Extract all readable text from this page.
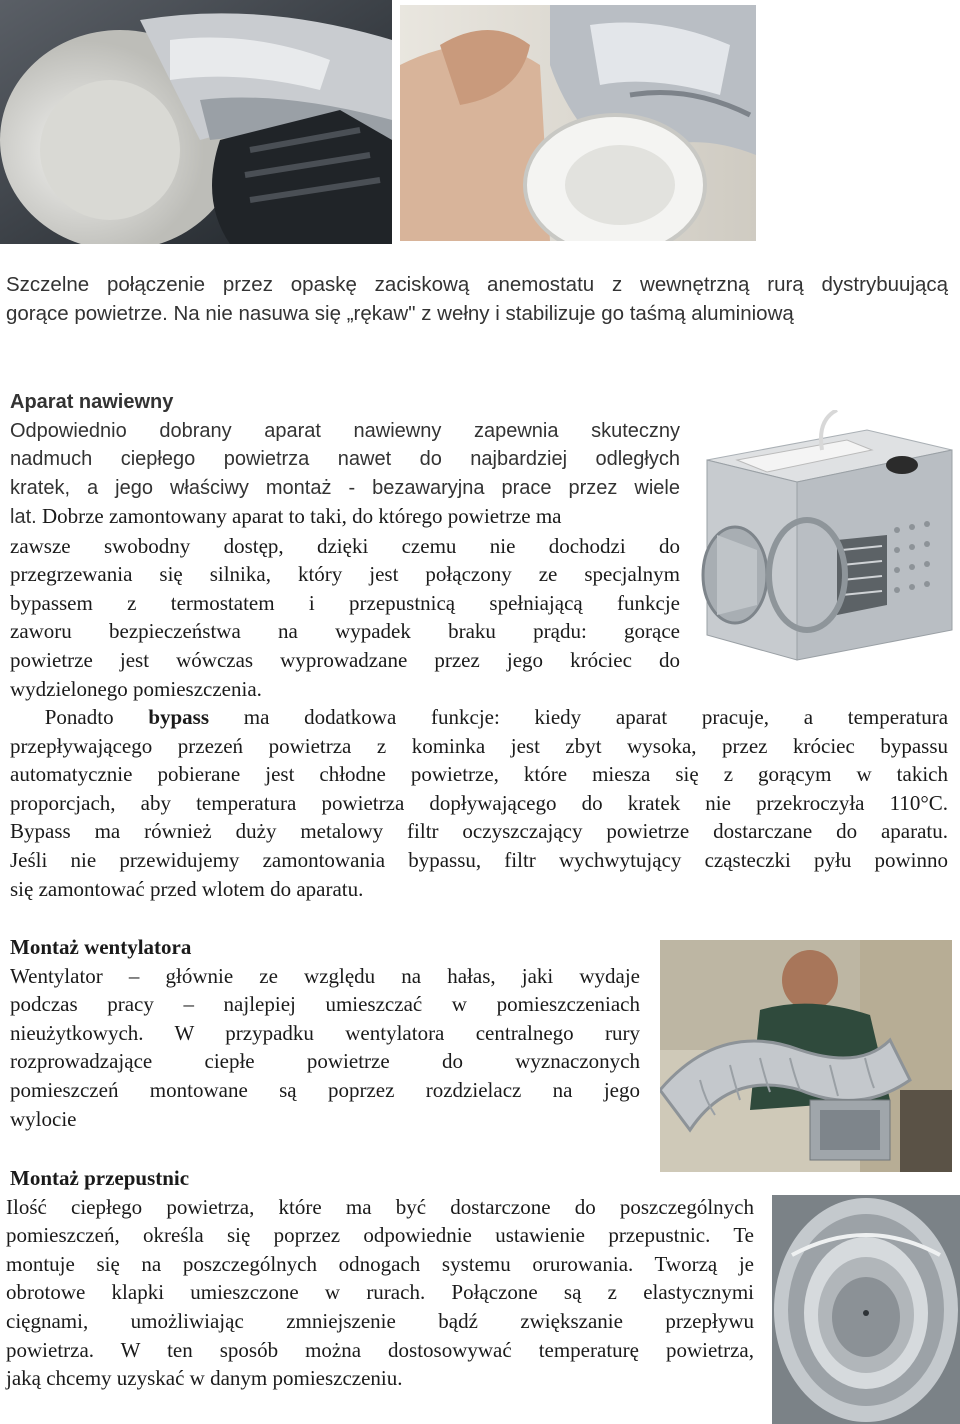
Szczelne połączenie przez opaskę zaciskową anemostatu z wewnętrzną rurą dystrybuującą
gorące powietrze. Na nie nasuwa się „rękaw" z wełny i stabilizuje go taśmą aluminiową
Aparat nawiewny
Odpowiednio dobrany aparat nawiewny zapewnia skuteczny
nadmuch ciepłego powietrza nawet do najbardziej odległych
kratek, a jego właściwy montaż - bezawaryjna prace przez wiele
lat. Dobrze zamontowany aparat to taki, do którego powietrze ma
zawsze swobodny dostęp, dzięki czemu nie dochodzi do
przegrzewania się silnika, który jest połączony ze specjalnym
bypassem z termostatem i przepustnicą spełniającą funkcje
zaworu bezpieczeństwa na wypadek braku prądu: gorące
powietrze jest wówczas wyprowadzane przez jego króciec do
wydzielonego pomieszczenia.
Ponadto bypass ma dodatkowa funkcje: kiedy aparat pracuje, a temperatura
przepływającego przezeń powietrza z kominka jest zbyt wysoka, przez króciec bypassu
automatycznie pobierane jest chłodne powietrze, które miesza się z gorącym w takich
proporcjach, aby temperatura powietrza dopływającego do kratek nie przekroczyła 110°C.
Bypass ma również duży metalowy filtr oczyszczający powietrze dostarczane do aparatu.
Jeśli nie przewidujemy zamontowania bypassu, filtr wychwytujący cząsteczki pyłu powinno
się zamontować przed wlotem do aparatu.
Montaż wentylatora
Wentylator – głównie ze względu na hałas, jaki wydaje
podczas pracy – najlepiej umieszczać w pomieszczeniach
nieużytkowych. W przypadku wentylatora centralnego rury
rozprowadzające ciepłe powietrze do wyznaczonych
pomieszczeń montowane są poprzez rozdzielacz na jego
wylocie
Montaż przepustnic
Ilość ciepłego powietrza, które ma być dostarczone do poszczególnych
pomieszczeń, określa się poprzez odpowiednie ustawienie przepustnic. Te
montuje się na poszczególnych odnogach systemu orurowania. Tworzą je
obrotowe klapki umieszczone w rurach. Połączone są z elastycznymi
cięgnami, umożliwiając zmniejszenie bądź zwiększanie przepływu
powietrza. W ten sposób można dostosowywać temperaturę powietrza,
jaką chcemy uzyskać w danym pomieszczeniu.
